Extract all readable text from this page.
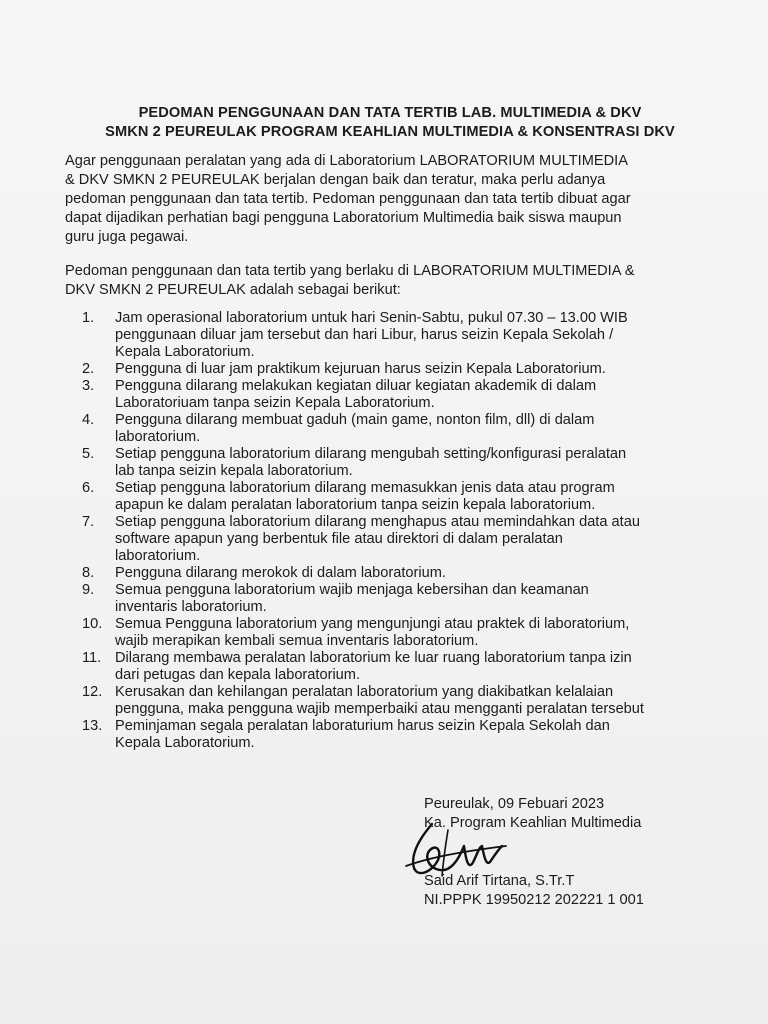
PEDOMAN PENGGUNAAN DAN TATA TERTIB LAB. MULTIMEDIA & DKV
SMKN 2 PEUREULAK PROGRAM KEAHLIAN MULTIMEDIA & KONSENTRASI DKV
Agar penggunaan peralatan yang ada di Laboratorium LABORATORIUM MULTIMEDIA
& DKV SMKN 2 PEUREULAK berjalan dengan baik dan teratur, maka perlu adanya
pedoman penggunaan dan tata tertib. Pedoman penggunaan dan tata tertib dibuat agar
dapat dijadikan perhatian bagi pengguna Laboratorium Multimedia baik siswa maupun
guru juga pegawai.
Pedoman penggunaan dan tata tertib yang berlaku di LABORATORIUM MULTIMEDIA &
DKV SMKN 2 PEUREULAK adalah sebagai berikut:
1.	Jam operasional laboratorium untuk hari Senin-Sabtu, pukul 07.30 – 13.00 WIB
penggunaan diluar jam tersebut dan hari Libur, harus seizin Kepala Sekolah /
Kepala Laboratorium.
2.	Pengguna di luar jam praktikum kejuruan harus seizin Kepala Laboratorium.
3.	Pengguna dilarang melakukan kegiatan diluar kegiatan akademik di dalam
Laboratoriuam tanpa seizin Kepala Laboratorium.
4.	Pengguna dilarang membuat gaduh (main game, nonton film, dll) di dalam
laboratorium.
5.	Setiap pengguna laboratorium dilarang mengubah setting/konfigurasi peralatan
lab tanpa seizin kepala laboratorium.
6.	Setiap pengguna laboratorium dilarang memasukkan jenis data atau program
apapun ke dalam peralatan laboratorium tanpa seizin kepala laboratorium.
7.	Setiap pengguna laboratorium dilarang menghapus atau memindahkan data atau
software apapun yang berbentuk file atau direktori di dalam peralatan
laboratorium.
8.	Pengguna dilarang merokok di dalam laboratorium.
9.	Semua pengguna laboratorium wajib menjaga kebersihan dan keamanan
inventaris laboratorium.
10. Semua Pengguna laboratorium yang mengunjungi atau praktek di laboratorium,
wajib merapikan kembali semua inventaris laboratorium.
11. Dilarang membawa peralatan laboratorium ke luar ruang laboratorium tanpa izin
dari petugas dan kepala laboratorium.
12. Kerusakan dan kehilangan peralatan laboratorium yang diakibatkan kelalaian
pengguna, maka pengguna wajib memperbaiki atau mengganti peralatan tersebut
13. Peminjaman segala peralatan laboraturium harus seizin Kepala Sekolah dan
Kepala Laboratorium.
Peureulak, 09 Febuari 2023
Ka. Program Keahlian Multimedia
Said Arif Tirtana, S.Tr.T
NI.PPPK 19950212 202221 1 001
